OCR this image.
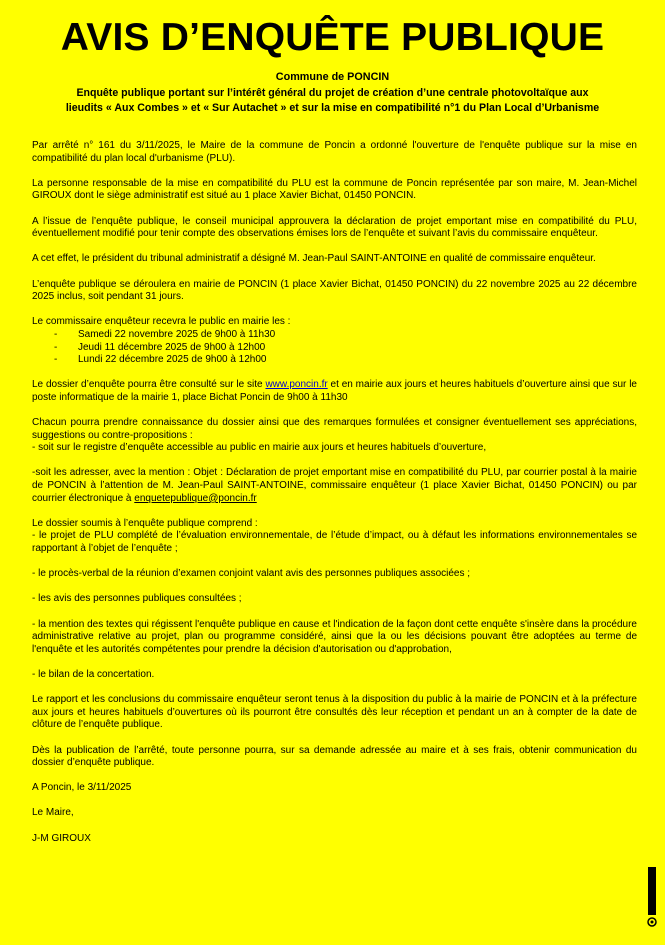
AVIS D’ENQUÊTE PUBLIQUE
Commune de PONCIN
Enquête publique portant sur l’intérêt général du projet de création d’une centrale photovoltaïque aux
lieudits « Aux Combes » et « Sur Autachet » et sur la mise en compatibilité n°1 du Plan Local d’Urbanisme

Par arrêté n° 161 du 3/11/2025, le Maire de la commune de Poncin a ordonné l'ouverture de l'enquête publique sur la mise en compatibilité du plan local d'urbanisme (PLU).

La personne responsable de la mise en compatibilité du PLU est la commune de Poncin représentée par son maire, M. Jean-Michel GIROUX dont le siège administratif est situé au 1 place Xavier Bichat, 01450 PONCIN.

A l’issue de l’enquête publique, le conseil municipal approuvera la déclaration de projet emportant mise en compatibilité du PLU, éventuellement modifié pour tenir compte des observations émises lors de l’enquête et suivant l’avis du commissaire enquêteur.

A cet effet, le président du tribunal administratif a désigné M. Jean-Paul SAINT-ANTOINE en qualité de commissaire enquêteur.

L’enquête publique se déroulera en mairie de PONCIN (1 place Xavier Bichat, 01450 PONCIN) du 22 novembre 2025 au 22 décembre 2025 inclus, soit pendant 31 jours.

Le commissaire enquêteur recevra le public en mairie les :

- Samedi 22 novembre 2025 de 9h00 à 11h30
- Jeudi 11 décembre 2025 de 9h00 à 12h00
- Lundi 22 décembre 2025 de 9h00 à 12h00

Le dossier d’enquête pourra être consulté sur le site www.poncin.fr et en mairie aux jours et heures habituels d’ouverture ainsi que sur le poste informatique de la mairie 1, place Bichat Poncin de 9h00 à 11h30

Chacun pourra prendre connaissance du dossier ainsi que des remarques formulées et consigner éventuellement ses appréciations, suggestions ou contre-propositions :
- soit sur le registre d’enquête accessible au public en mairie aux jours et heures habituels d’ouverture,

-soit les adresser, avec la mention : Objet : Déclaration de projet emportant mise en compatibilité du PLU, par courrier postal à la mairie de PONCIN à l’attention de M. Jean-Paul SAINT-ANTOINE, commissaire enquêteur (1 place Xavier Bichat, 01450 PONCIN) ou par courrier électronique à enquetepublique@poncin.fr

Le dossier soumis à l’enquête publique comprend :
- le projet de PLU complété de l’évaluation environnementale, de l’étude d’impact, ou à défaut les informations environnementales se rapportant à l’objet de l’enquête ;

- le procès-verbal de la réunion d’examen conjoint valant avis des personnes publiques associées ;

- les avis des personnes publiques consultées ;

- la mention des textes qui régissent l'enquête publique en cause et l'indication de la façon dont cette enquête s'insère dans la procédure administrative relative au projet, plan ou programme considéré, ainsi que la ou les décisions pouvant être adoptées au terme de l'enquête et les autorités compétentes pour prendre la décision d'autorisation ou d'approbation,

- le bilan de la concertation.

Le rapport et les conclusions du commissaire enquêteur seront tenus à la disposition du public à la mairie de PONCIN et à la préfecture aux jours et heures habituels d’ouvertures où ils pourront être consultés dès leur réception et pendant un an à compter de la date de clôture de l’enquête publique.

Dès la publication de l’arrêté, toute personne pourra, sur sa demande adressée au maire et à ses frais, obtenir communication du dossier d’enquête publique.

A Poncin, le 3/11/2025

Le Maire,

J-M GIROUX
